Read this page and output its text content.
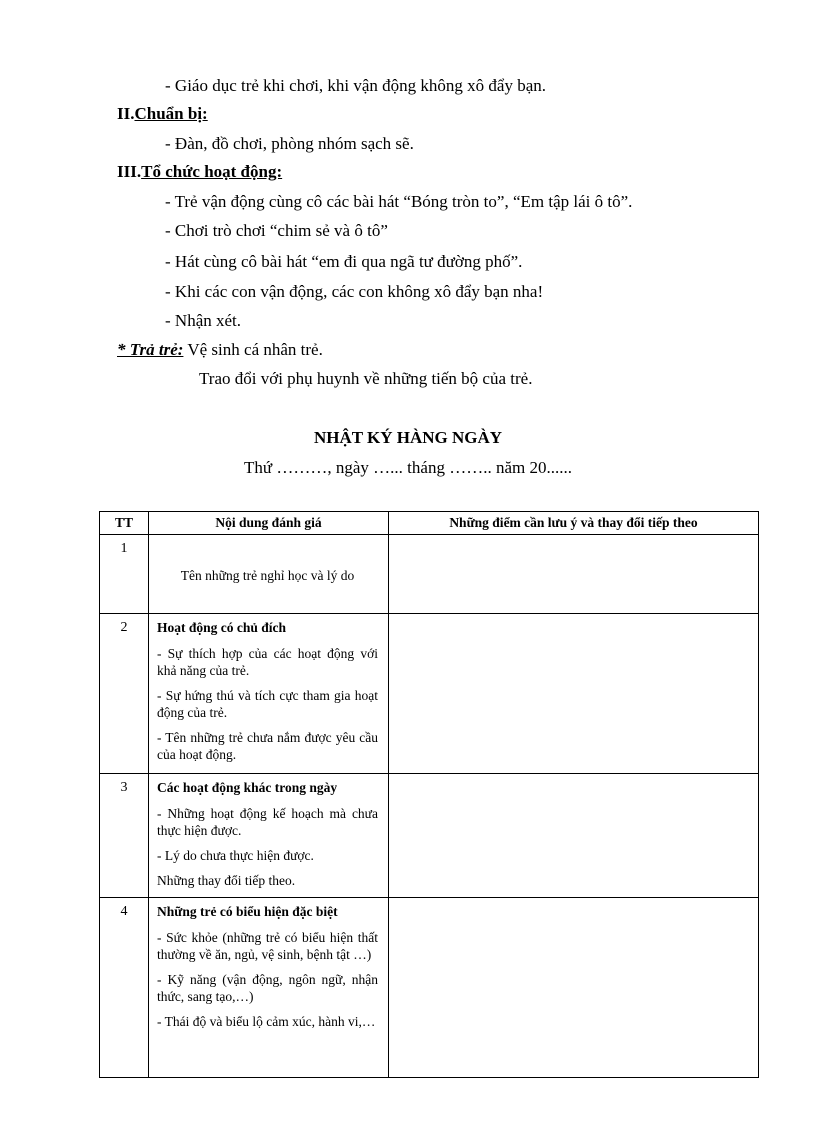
- Giáo dục trẻ khi chơi, khi vận động không xô đẩy bạn.
II.Chuẩn bị:
- Đàn, đồ chơi, phòng nhóm sạch sẽ.
III.Tổ chức hoạt động:
- Trẻ vận động cùng cô các bài hát “Bóng tròn to”, “Em tập lái ô tô”.
- Chơi trò chơi “chim sẻ và ô tô”
- Hát cùng cô bài hát “em đi qua ngã tư đường phố”.
- Khi các con vận động, các con không xô đẩy bạn nha!
- Nhận xét.
* Trả trẻ: Vệ sinh cá nhân trẻ.
Trao đổi với phụ huynh về những tiến bộ của trẻ.
NHẬT KÝ HÀNG NGÀY
Thứ ………, ngày …... tháng …….. năm 20......
TT	Nội dung đánh giá	Những điểm cần lưu ý và thay đổi tiếp theo
1	Tên những trẻ nghỉ học và lý do	

2	Hoạt động có chủ đích

- Sự thích hợp của các hoạt động với khả năng của trẻ.

- Sự hứng thú và tích cực tham gia hoạt động của trẻ.

- Tên những trẻ chưa nắm được yêu cầu của hoạt động.	

3	Các hoạt động khác trong ngày

- Những hoạt động kế hoạch mà chưa thực hiện được.

- Lý do chưa thực hiện được.

Những thay đổi tiếp theo.	

4	Những trẻ có biểu hiện đặc biệt

- Sức khỏe (những trẻ có biểu hiện thất thường về ăn, ngủ, vệ sinh, bệnh tật …)

- Kỹ năng (vận động, ngôn ngữ, nhận thức, sang tạo,…)

- Thái độ và biểu lộ cảm xúc, hành vi,…	
